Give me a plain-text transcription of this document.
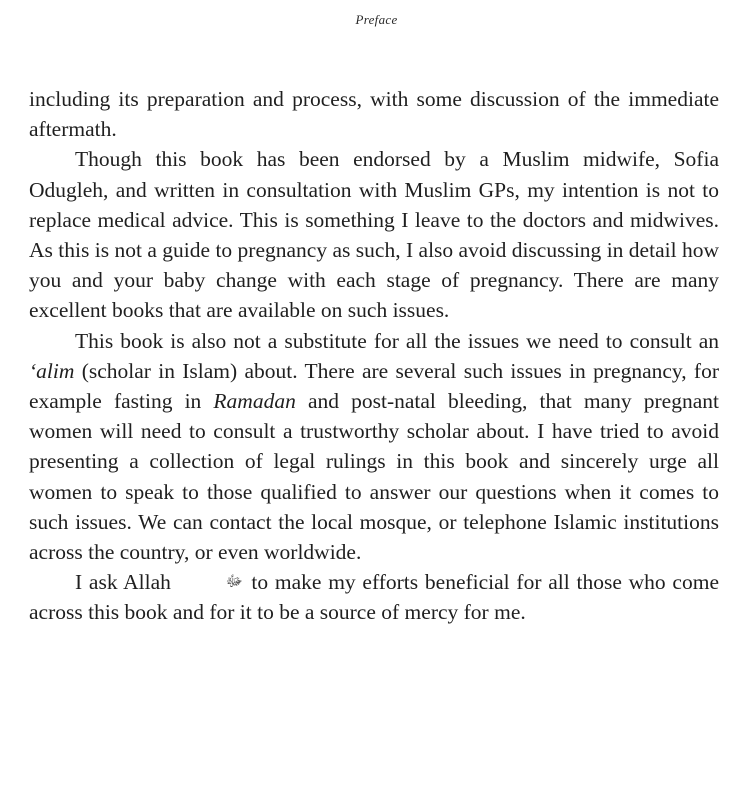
Preface

including its preparation and process, with some discussion of the immediate aftermath.

Though this book has been endorsed by a Muslim midwife, Sofia Odugleh, and written in consultation with Muslim GPs, my intention is not to replace medical advice. This is something I leave to the doctors and midwives. As this is not a guide to pregnancy as such, I also avoid discussing in detail how you and your baby change with each stage of pregnancy. There are many excellent books that are available on such issues.

This book is also not a substitute for all the issues we need to consult an ‘alim (scholar in Islam) about. There are several such issues in pregnancy, for example fasting in Ramadan and post-natal bleeding, that many pregnant women will need to consult a trustworthy scholar about. I have tried to avoid presenting a collection of legal rulings in this book and sincerely urge all women to speak to those qualified to answer our questions when it comes to such issues. We can contact the local mosque, or telephone Islamic institutions across the country, or even worldwide.

I ask Allah	ﷻ to make my efforts beneficial for all those who come across this book and for it to be a source of mercy for me.
